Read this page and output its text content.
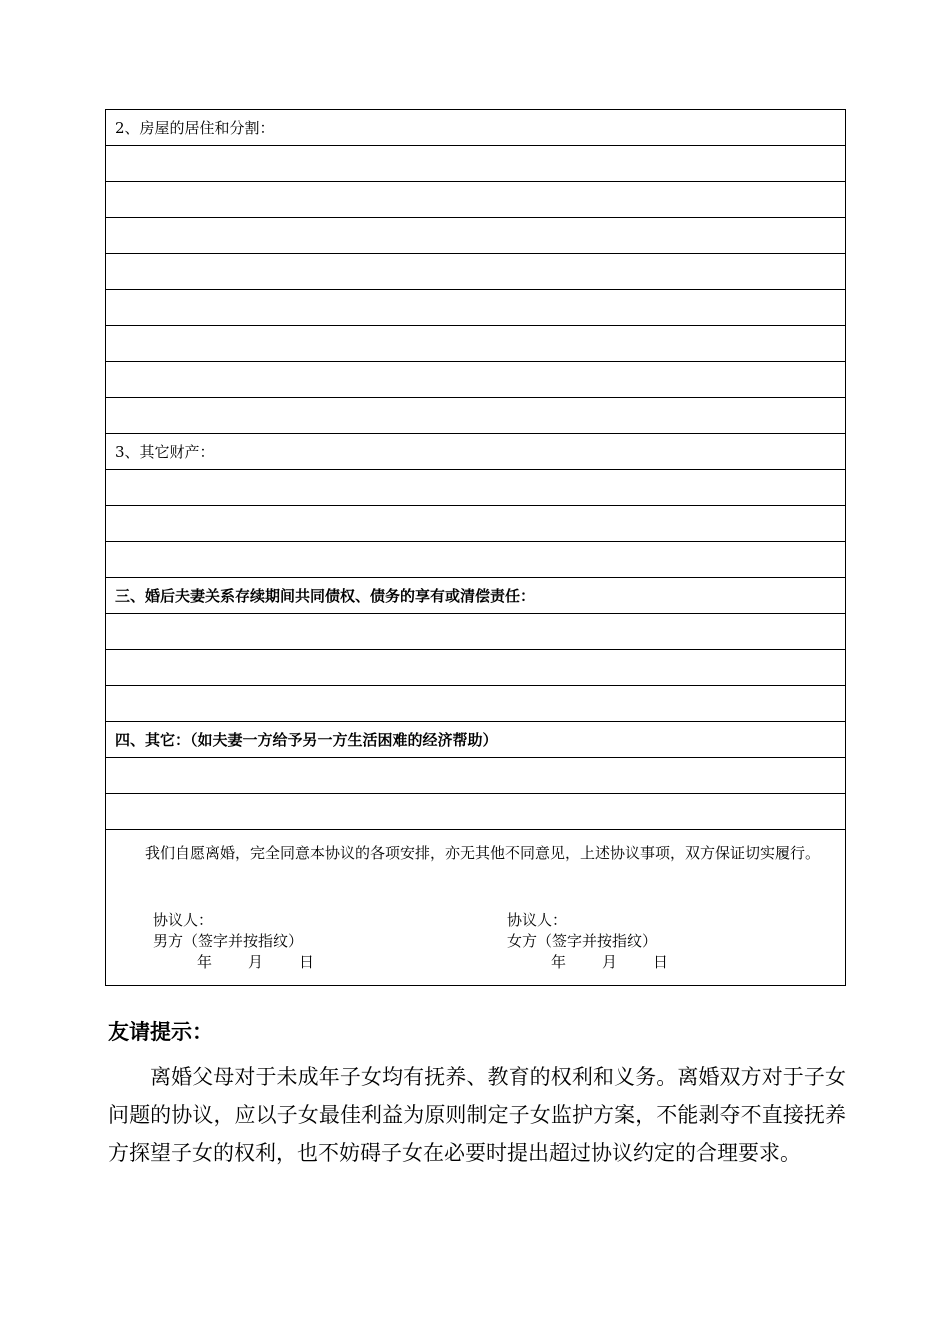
2、房屋的居住和分割：

3、其它财产：

三、婚后夫妻关系存续期间共同债权、债务的享有或清偿责任：

四、其它：（如夫妻一方给予另一方生活困难的经济帮助）

我们自愿离婚，完全同意本协议的各项安排，亦无其他不同意见，上述协议事项，双方保证切实履行。

协议人：
男方（签字并按指纹）
年 月 日
协议人：
女方（签字并按指纹）
年 月 日
友请提示：

离婚父母对于未成年子女均有抚养、教育的权利和义务。离婚双方对于子女问题的协议，应以子女最佳利益为原则制定子女监护方案，不能剥夺不直接抚养方探望子女的权利，也不妨碍子女在必要时提出超过协议约定的合理要求。
